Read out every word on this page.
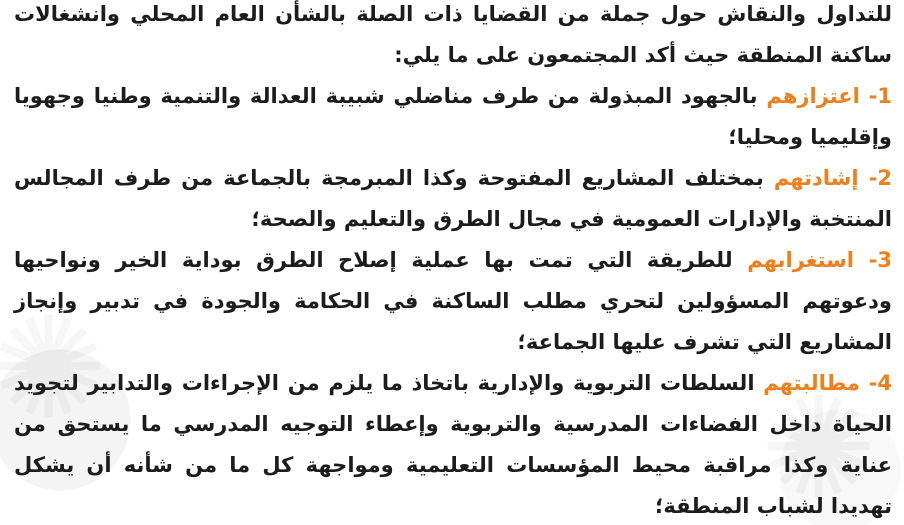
للتداول والنقاش حول جملة من القضايا ذات الصلة بالشأن العام المحلي وانشغالات ساكنة المنطقة حيث أكد المجتمعون على ما يلي:

1- اعتزازهم بالجهود المبذولة من طرف مناضلي شبيبة العدالة والتنمية وطنيا وجهويا وإقليميا ومحليا؛

2- إشادتهم بمختلف المشاريع المفتوحة وكذا المبرمجة بالجماعة من طرف المجالس المنتخبة والإدارات العمومية في مجال الطرق والتعليم والصحة؛

3- استغرابهم للطريقة التي تمت بها عملية إصلاح الطرق بوداية الخير ونواحيها ودعوتهم المسؤولين لتحري مطلب الساكنة في الحكامة والجودة في تدبير وإنجاز المشاريع التي تشرف عليها الجماعة؛

4- مطالبتهم السلطات التربوية والإدارية باتخاذ ما يلزم من الإجراءات والتدابير لتجويد الحياة داخل الفضاءات المدرسية والتربوية وإعطاء التوجيه المدرسي ما يستحق من عناية وكذا مراقبة محيط المؤسسات التعليمية ومواجهة كل ما من شأنه أن يشكل تهديدا لشباب المنطقة؛
